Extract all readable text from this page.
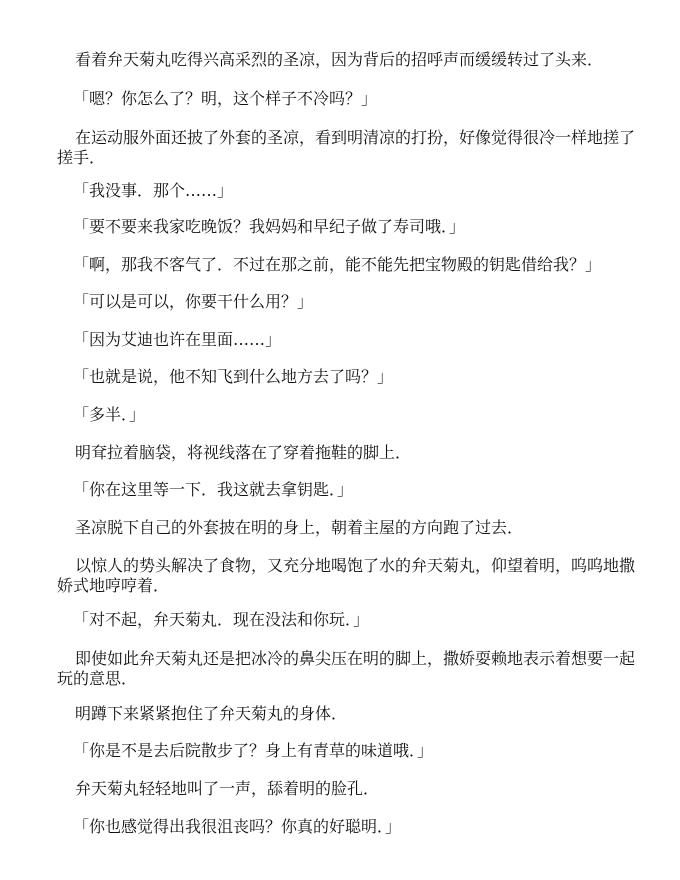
看着弁天菊丸吃得兴高采烈的圣凉，因为背后的招呼声而缓缓转过了头来．

「嗯？你怎么了？明，这个样子不冷吗？」

在运动服外面还披了外套的圣凉，看到明清凉的打扮，好像觉得很冷一样地搓了搓手．

「我没事．那个……」

「要不要来我家吃晚饭？我妈妈和早纪子做了寿司哦．」

「啊，那我不客气了．不过在那之前，能不能先把宝物殿的钥匙借给我？」

「可以是可以，你要干什么用？」

「因为艾迪也许在里面……」

「也就是说，他不知飞到什么地方去了吗？」

「多半．」

明耷拉着脑袋，将视线落在了穿着拖鞋的脚上．

「你在这里等一下．我这就去拿钥匙．」

圣凉脱下自己的外套披在明的身上，朝着主屋的方向跑了过去．

以惊人的势头解决了食物，又充分地喝饱了水的弁天菊丸，仰望着明，呜呜地撒娇式地哼哼着．

「对不起，弁天菊丸．现在没法和你玩．」

即使如此弁天菊丸还是把冰冷的鼻尖压在明的脚上，撒娇耍赖地表示着想要一起玩的意思．

明蹲下来紧紧抱住了弁天菊丸的身体．

「你是不是去后院散步了？身上有青草的味道哦．」

弁天菊丸轻轻地叫了一声，舔着明的脸孔．

「你也感觉得出我很沮丧吗？你真的好聪明．」
